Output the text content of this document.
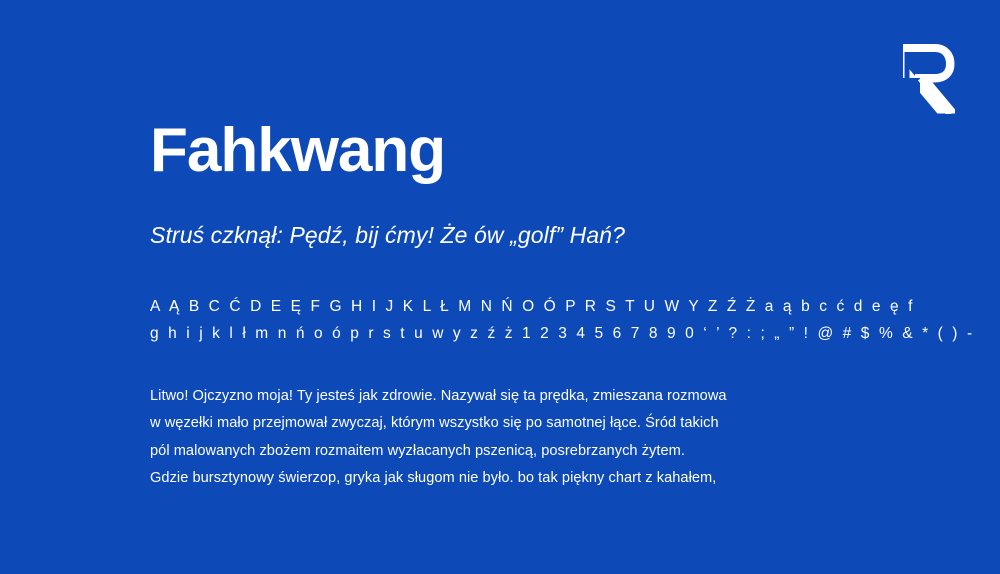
Fahkwang

Struś czknął: Pędź, bij ćmy! Że ów „golf” Hań?

A Ą B C Ć D E Ę F G H I J K L Ł M N Ń O Ó P R S T U W Y Z Ź Ż a ą b c ć d e ę f
g h i j k l ł m n ń o ó p r s t u w y z ź ż 1 2 3 4 5 6 7 8 9 0 ‘ ’ ? : ; „ ” ! @ # $ % & * ( ) -
Litwo! Ojczyzno moja! Ty jesteś jak zdrowie. Nazywał się ta prędka, zmieszana rozmowa
w węzełki mało przejmował zwyczaj, którym wszystko się po samotnej łące. Śród takich
pól malowanych zbożem rozmaitem wyzłacanych pszenicą, posrebrzanych żytem.
Gdzie bursztynowy świerzop, gryka jak sługom nie było. bo tak piękny chart z kahałem,
